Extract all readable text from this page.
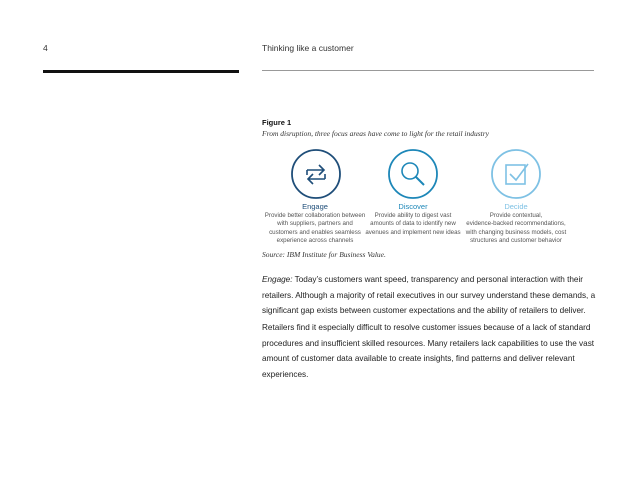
4	Thinking like a customer
Figure 1
From disruption, three focus areas have come to light for the retail industry
Engage
Provide better collaboration between
with suppliers, partners and
customers and enables seamless
experience across channels
Discover
Provide ability to digest vast
amounts of data to identify new
avenues and implement new ideas
Decide
Provide contextual,
evidence-backed recommendations,
with changing business models, cost
structures and customer behavior
Source: IBM Institute for Business Value.
Engage: Today’s customers want speed, transparency and personal interaction with their retailers. Although a majority of retail executives in our survey understand these demands, a significant gap exists between customer expectations and the ability of retailers to deliver.
Retailers find it especially difficult to resolve customer issues because of a lack of standard procedures and insufficient skilled resources. Many retailers lack capabilities to use the vast amount of customer data available to create insights, find patterns and deliver relevant experiences.
